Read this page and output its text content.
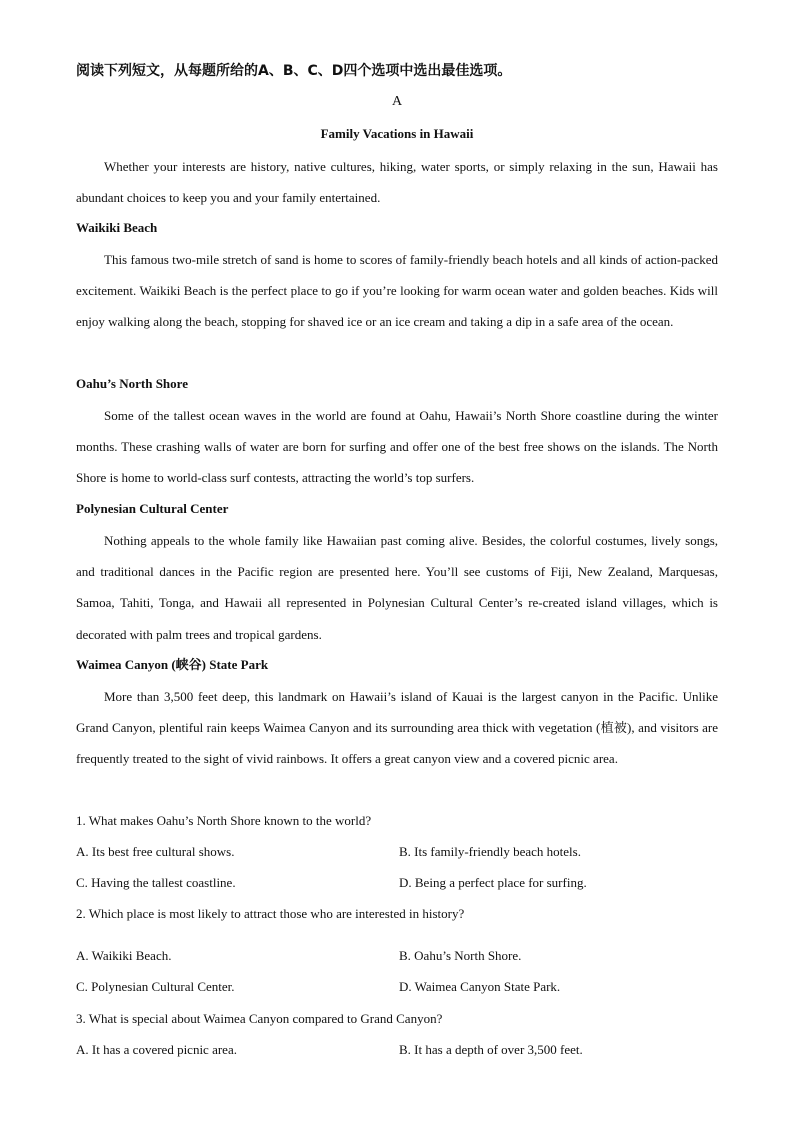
阅读下列短文，从每题所给的A、B、C、D四个选项中选出最佳选项。
A
Family Vacations in Hawaii

Whether your interests are history, native cultures, hiking, water sports, or simply relaxing in the sun, Hawaii has abundant choices to keep you and your family entertained.

Waikiki Beach

This famous two-mile stretch of sand is home to scores of family-friendly beach hotels and all kinds of action-packed excitement. Waikiki Beach is the perfect place to go if you’re looking for warm ocean water and golden beaches. Kids will enjoy walking along the beach, stopping for shaved ice or an ice cream and taking a dip in a safe area of the ocean.

Oahu’s North Shore

Some of the tallest ocean waves in the world are found at Oahu, Hawaii’s North Shore coastline during the winter months. These crashing walls of water are born for surfing and offer one of the best free shows on the islands. The North Shore is home to world-class surf contests, attracting the world’s top surfers.

Polynesian Cultural Center

Nothing appeals to the whole family like Hawaiian past coming alive. Besides, the colorful costumes, lively songs, and traditional dances in the Pacific region are presented here. You’ll see customs of Fiji, New Zealand, Marquesas, Samoa, Tahiti, Tonga, and Hawaii all represented in Polynesian Cultural Center’s re-created island villages, which is decorated with palm trees and tropical gardens.

Waimea Canyon (峡谷) State Park

More than 3,500 feet deep, this landmark on Hawaii’s island of Kauai is the largest canyon in the Pacific. Unlike Grand Canyon, plentiful rain keeps Waimea Canyon and its surrounding area thick with vegetation (植被), and visitors are frequently treated to the sight of vivid rainbows. It offers a great canyon view and a covered picnic area.

1. What makes Oahu’s North Shore known to the world?
A. Its best free cultural shows.	B. Its family-friendly beach hotels.
C. Having the tallest coastline.	D. Being a perfect place for surfing.
2. Which place is most likely to attract those who are interested in history?
A. Waikiki Beach.	B. Oahu’s North Shore.
C. Polynesian Cultural Center.	D. Waimea Canyon State Park.
3. What is special about Waimea Canyon compared to Grand Canyon?
A. It has a covered picnic area.	B. It has a depth of over 3,500 feet.
